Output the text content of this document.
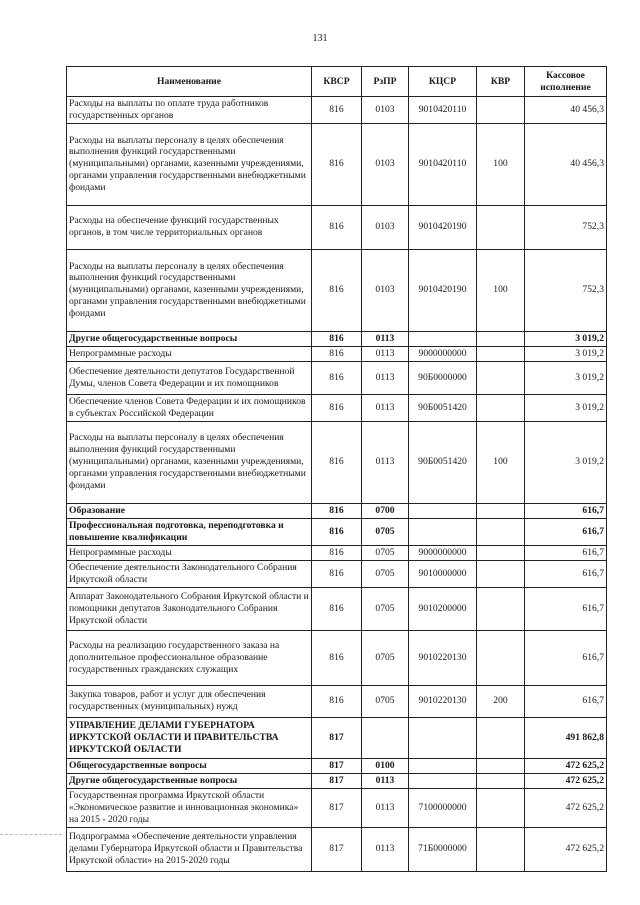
131
Наименование	КВСР	РзПР	КЦСР	КВР	Кассовое исполнение
Расходы на выплаты по оплате труда работников государственных органов	816	0103	9010420110		40 456,3
Расходы на выплаты персоналу в целях обеспечения выполнения функций государственными (муниципальными) органами, казенными учреждениями, органами управления государственными внебюджетными фондами	816	0103	9010420110	100	40 456,3
Расходы на обеспечение функций государственных органов, в том числе территориальных органов	816	0103	9010420190		752,3
Расходы на выплаты персоналу в целях обеспечения выполнения функций государственными (муниципальными) органами, казенными учреждениями, органами управления государственными внебюджетными фондами	816	0103	9010420190	100	752,3
Другие общегосударственные вопросы	816	0113			3 019,2
Непрограммные расходы	816	0113	9000000000		3 019,2
Обеспечение деятельности депутатов Государственной Думы, членов Совета Федерации и их помощников	816	0113	90Б0000000		3 019,2
Обеспечение членов Совета Федерации и их помощников в субъектах Российской Федерации	816	0113	90Б0051420		3 019,2
Расходы на выплаты персоналу в целях обеспечения выполнения функций государственными (муниципальными) органами, казенными учреждениями, органами управления государственными внебюджетными фондами	816	0113	90Б0051420	100	3 019,2
Образование	816	0700			616,7
Профессиональная подготовка, переподготовка и повышение квалификации	816	0705			616,7
Непрограммные расходы	816	0705	9000000000		616,7
Обеспечение деятельности Законодательного Собрания Иркутской области	816	0705	9010000000		616,7
Аппарат Законодательного Собрания Иркутской области и помощники депутатов Законодательного Собрания Иркутской области	816	0705	9010200000		616,7
Расходы на реализацию государственного заказа на дополнительное профессиональное образование государственных гражданских служащих	816	0705	9010220130		616,7
Закупка товаров, работ и услуг для обеспечения государственных (муниципальных) нужд	816	0705	9010220130	200	616,7
УПРАВЛЕНИЕ ДЕЛАМИ ГУБЕРНАТОРА ИРКУТСКОЙ ОБЛАСТИ И ПРАВИТЕЛЬСТВА ИРКУТСКОЙ ОБЛАСТИ	817				491 862,8
Общегосударственные вопросы	817	0100			472 625,2
Другие общегосударственные вопросы	817	0113			472 625,2
Государственная программа Иркутской области «Экономическое развитие и инновационная экономика» на 2015 - 2020 годы	817	0113	7100000000		472 625,2
Подпрограмма «Обеспечение деятельности управления делами Губернатора Иркутской области и Правительства Иркутской области» на 2015-2020 годы	817	0113	71Б0000000		472 625,2
